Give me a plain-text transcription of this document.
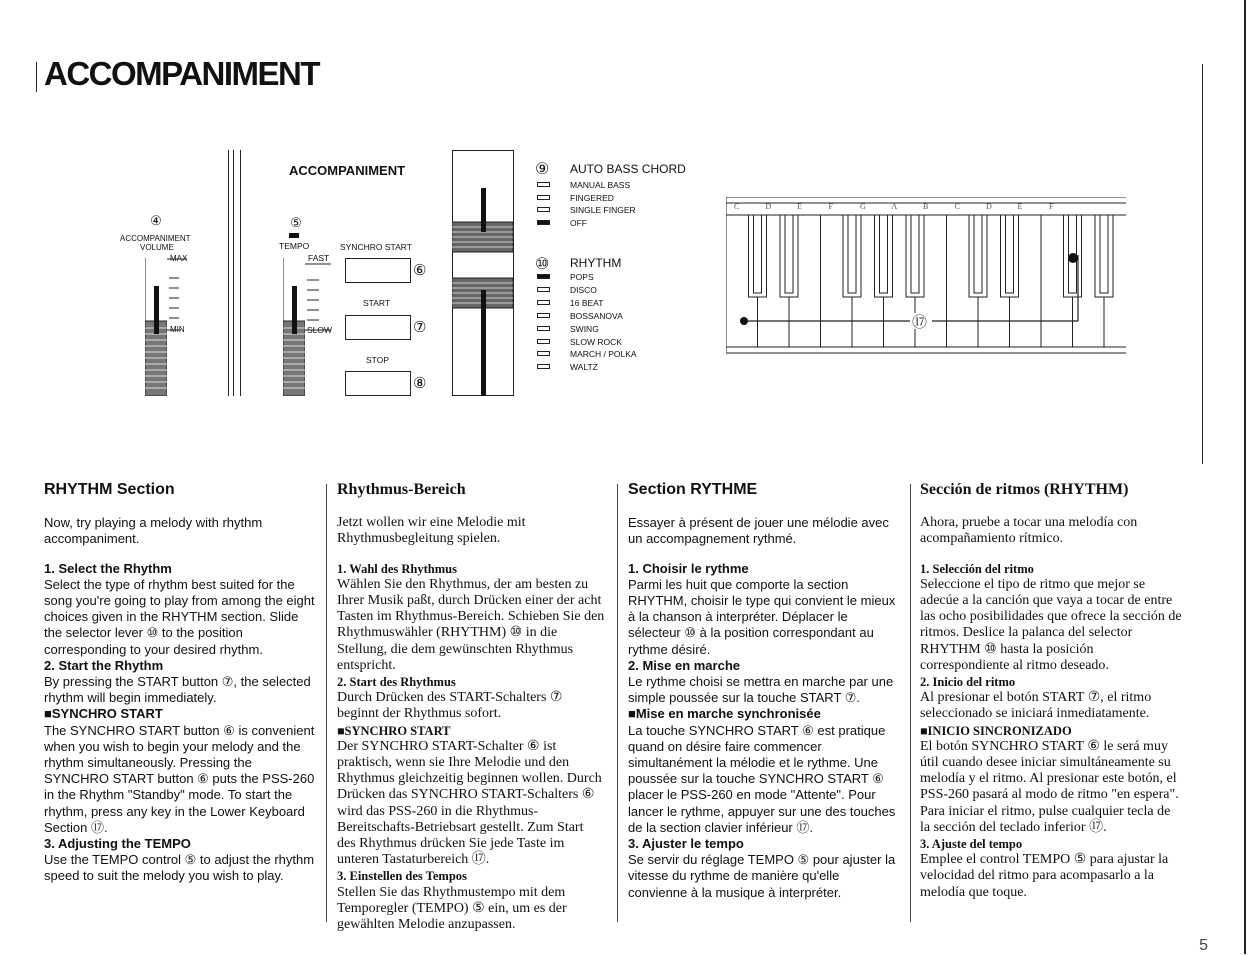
ACCOMPANIMENT
④
ACCOMPANIMENT
VOLUME
MAX
MIN
ACCOMPANIMENT
⑤
TEMPO
FAST
SLOW
SYNCHRO START
⑥
START
⑦
STOP
⑧
⑨ AUTO BASS CHORD
MANUAL BASS
FINGERED
SINGLE FINGER
OFF
⑩ RHYTHM
POPS
DISCO
16 BEAT
BOSSANOVA
SWING
SLOW ROCK
MARCH / POLKA
WALTZ
C	D	E	F	G	A	B	C	D	E	F
⑰
RHYTHM Section

Now, try playing a melody with rhythm accompaniment.

1. Select the Rhythm

Select the type of rhythm best suited for the song you're going to play from among the eight choices given in the RHYTHM section. Slide the selector lever ⑩ to the position corresponding to your desired rhythm.

2. Start the Rhythm

By pressing the START button ⑦, the selected rhythm will begin immediately.

■SYNCHRO START

The SYNCHRO START button ⑥ is convenient when you wish to begin your melody and the rhythm simultaneously. Pressing the SYNCHRO START button ⑥ puts the PSS-260 in the Rhythm "Standby" mode. To start the rhythm, press any key in the Lower Keyboard Section ⑰.

3. Adjusting the TEMPO

Use the TEMPO control ⑤ to adjust the rhythm speed to suit the melody you wish to play.

Rhythmus-Bereich

Jetzt wollen wir eine Melodie mit Rhythmusbegleitung spielen.

1. Wahl des Rhythmus

Wählen Sie den Rhythmus, der am besten zu Ihrer Musik paßt, durch Drücken einer der acht Tasten im Rhythmus-Bereich. Schieben Sie den Rhythmuswähler (RHYTHM) ⑩ in die Stellung, die dem gewünschten Rhythmus entspricht.

2. Start des Rhythmus

Durch Drücken des START-Schalters ⑦ beginnt der Rhythmus sofort.

■SYNCHRO START

Der SYNCHRO START-Schalter ⑥ ist praktisch, wenn sie Ihre Melodie und den Rhythmus gleichzeitig beginnen wollen. Durch Drücken das SYNCHRO START-Schalters ⑥ wird das PSS-260 in die Rhythmus-Bereitschafts-Betriebsart gestellt. Zum Start des Rhythmus drücken Sie jede Taste im unteren Tastaturbereich ⑰.

3. Einstellen des Tempos

Stellen Sie das Rhythmustempo mit dem Temporegler (TEMPO) ⑤ ein, um es der gewählten Melodie anzupassen.

Section RYTHME

Essayer à présent de jouer une mélodie avec un accompagnement rythmé.

1. Choisir le rythme

Parmi les huit que comporte la section RHYTHM, choisir le type qui convient le mieux à la chanson à interpréter. Déplacer le sélecteur ⑩ à la position correspondant au rythme désiré.

2. Mise en marche

Le rythme choisi se mettra en marche par une simple poussée sur la touche START ⑦.

■Mise en marche synchronisée

La touche SYNCHRO START ⑥ est pratique quand on désire faire commencer simultanément la mélodie et le rythme. Une poussée sur la touche SYNCHRO START ⑥ placer le PSS-260 en mode "Attente". Pour lancer le rythme, appuyer sur une des touches de la section clavier inférieur ⑰.

3. Ajuster le tempo

Se servir du réglage TEMPO ⑤ pour ajuster la vitesse du rythme de manière qu'elle convienne à la musique à interpréter.

Sección de ritmos (RHYTHM)

Ahora, pruebe a tocar una melodía con acompañamiento rítmico.

1. Selección del ritmo

Seleccione el tipo de ritmo que mejor se adecúe a la canción que vaya a tocar de entre las ocho posibilidades que ofrece la sección de ritmos. Deslice la palanca del selector RHYTHM ⑩ hasta la posición correspondiente al ritmo deseado.

2. Inicio del ritmo

Al presionar el botón START ⑦, el ritmo seleccionado se iniciará inmediatamente.

■INICIO SINCRONIZADO

El botón SYNCHRO START ⑥ le será muy útil cuando desee iniciar simultáneamente su melodía y el ritmo. Al presionar este botón, el PSS-260 pasará al modo de ritmo "en espera". Para iniciar el ritmo, pulse cualquier tecla de la sección del teclado inferior ⑰.

3. Ajuste del tempo

Emplee el control TEMPO ⑤ para ajustar la velocidad del ritmo para acompasarlo a la melodía que toque.

5
